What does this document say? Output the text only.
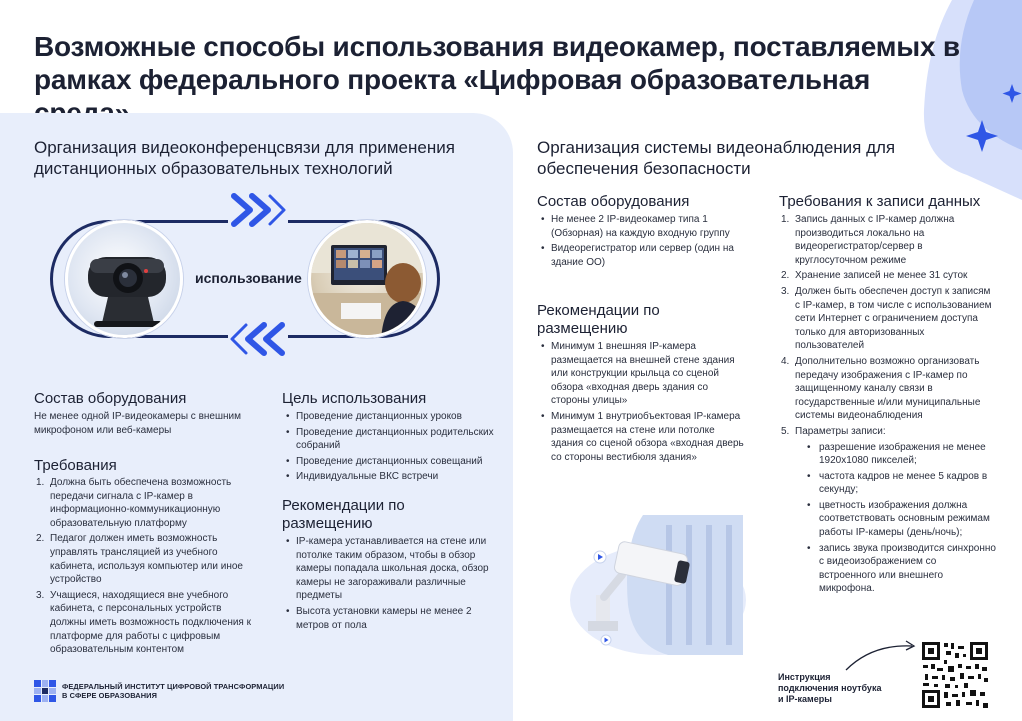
Возможные способы использования видеокамер, поставляемых в рамках федерального проекта «Цифровая образовательная
Организация видеоконференцсвязи для применения дистанционных образовательных технологий
использование
Состав оборудования
Не менее одной IP-видеокамеры с внешним микрофоном или веб-камеры
Требования
1. Должна быть обеспечена возможность передачи сигнала с IP-камер в информационно-коммуникационную образовательную платформу
2. Педагог должен иметь возможность управлять трансляцией из учебного кабинета, используя компьютер или иное устройство
3. Учащиеся, находящиеся вне учебного кабинета, с персональных устройств должны иметь возможность подключения к платформе для работы с цифровым образовательным контентом
Цель использования
• Проведение дистанционных уроков
• Проведение дистанционных родительских собраний
• Проведение дистанционных совещаний
• Индивидуальные ВКС встречи
Рекомендации по размещению
• IP-камера устанавливается на стене или потолке таким образом, чтобы в обзор камеры попадала школьная доска, обзор камеры не загораживали различные предметы
• Высота установки камеры не менее 2 метров от пола
ФЕДЕРАЛЬНЫЙ ИНСТИТУТ ЦИФРОВОЙ ТРАНСФОРМАЦИИ
В СФЕРЕ ОБРАЗОВАНИЯ
Организация системы видеонаблюдения для обеспечения безопасности
Состав оборудования
• Не менее 2 IP-видеокамер типа 1 (Обзорная) на каждую входную группу
• Видеорегистратор или сервер (один на здание ОО)
Рекомендации по размещению
• Минимум 1 внешняя IP-камера размещается на внешней стене здания или конструкции крыльца со сценой обзора «входная дверь здания со стороны улицы»
• Минимум 1 внутриобъектовая IP-камера размещается на стене или потолке здания со сценой обзора «входная дверь со стороны вестибюля здания»
Требования к записи данных
1. Запись данных с IP-камер должна производиться локально на видеорегистратор/сервер в круглосуточном режиме
2. Хранение записей не менее 31 суток
3. Должен быть обеспечен доступ к записям с IP-камер, в том числе с использованием сети Интернет с ограничением доступа только для авторизованных пользователей
4. Дополнительно возможно организовать передачу изображения с IP-камер по защищенному каналу связи в государственные и/или муниципальные системы видеонаблюдения
5. Параметры записи:
• разрешение изображения не менее 1920x1080 пикселей;
• частота кадров не менее 5 кадров в секунду;
• цветность изображения должна соответствовать основным режимам работы IP-камеры (день/ночь);
• запись звука производится синхронно с видеоизображением со встроенного или внешнего микрофона.
Инструкция
подключения ноутбука
и IP-камеры
